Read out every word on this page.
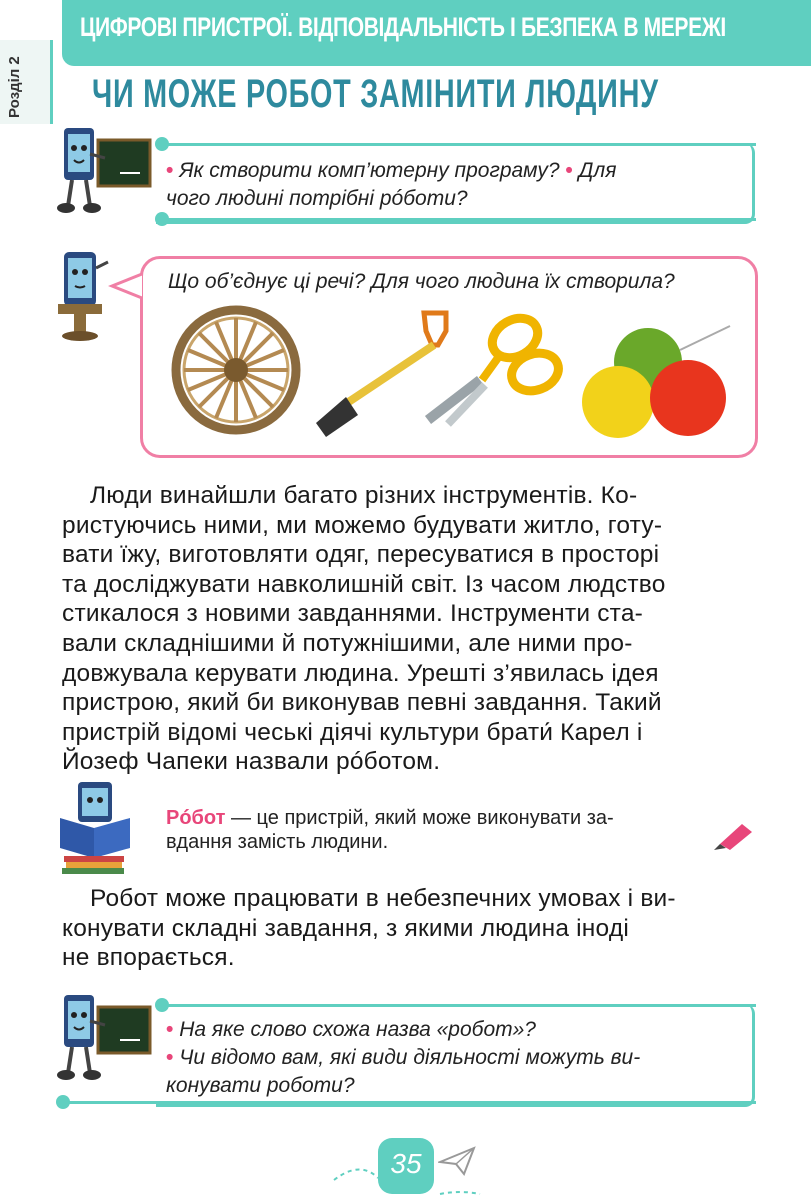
ЦИФРОВІ ПРИСТРОЇ. ВІДПОВІДАЛЬНІСТЬ І БЕЗПЕКА В МЕРЕЖІ
Розділ 2 ЧИ МОЖЕ РОБОТ ЗАМІНИТИ ЛЮДИНУ
• Як створити комп’ютерну програму? • Для
чого людині потрібні рóботи?
Що об’єднує ці речі? Для чого людина їх створила?
Люди винайшли багато різних інструментів. Ко-
ристуючись ними, ми можемо будувати житло, готу-
вати їжу, виготовляти одяг, пересуватися в просторі
та досліджувати навколишній світ. Із часом людство
стикалося з новими завданнями. Інструменти ста-
вали складнішими й потужнішими, але ними про-
довжувала керувати людина. Урешті з’явилась ідея
пристрою, який би виконував певні завдання. Такий
пристрій відомі чеські діячі культури брати́ Карел і
Йозеф Чапеки назвали рóботом.
Рóбот — це пристрій, який може виконувати за-
вдання замість людини.
Робот може працювати в небезпечних умовах і ви-
конувати складні завдання, з якими людина іноді
не впорається.
• На яке слово схожа назва «робот»?
• Чи відомо вам, які види діяльності можуть ви-
конувати роботи?
35
